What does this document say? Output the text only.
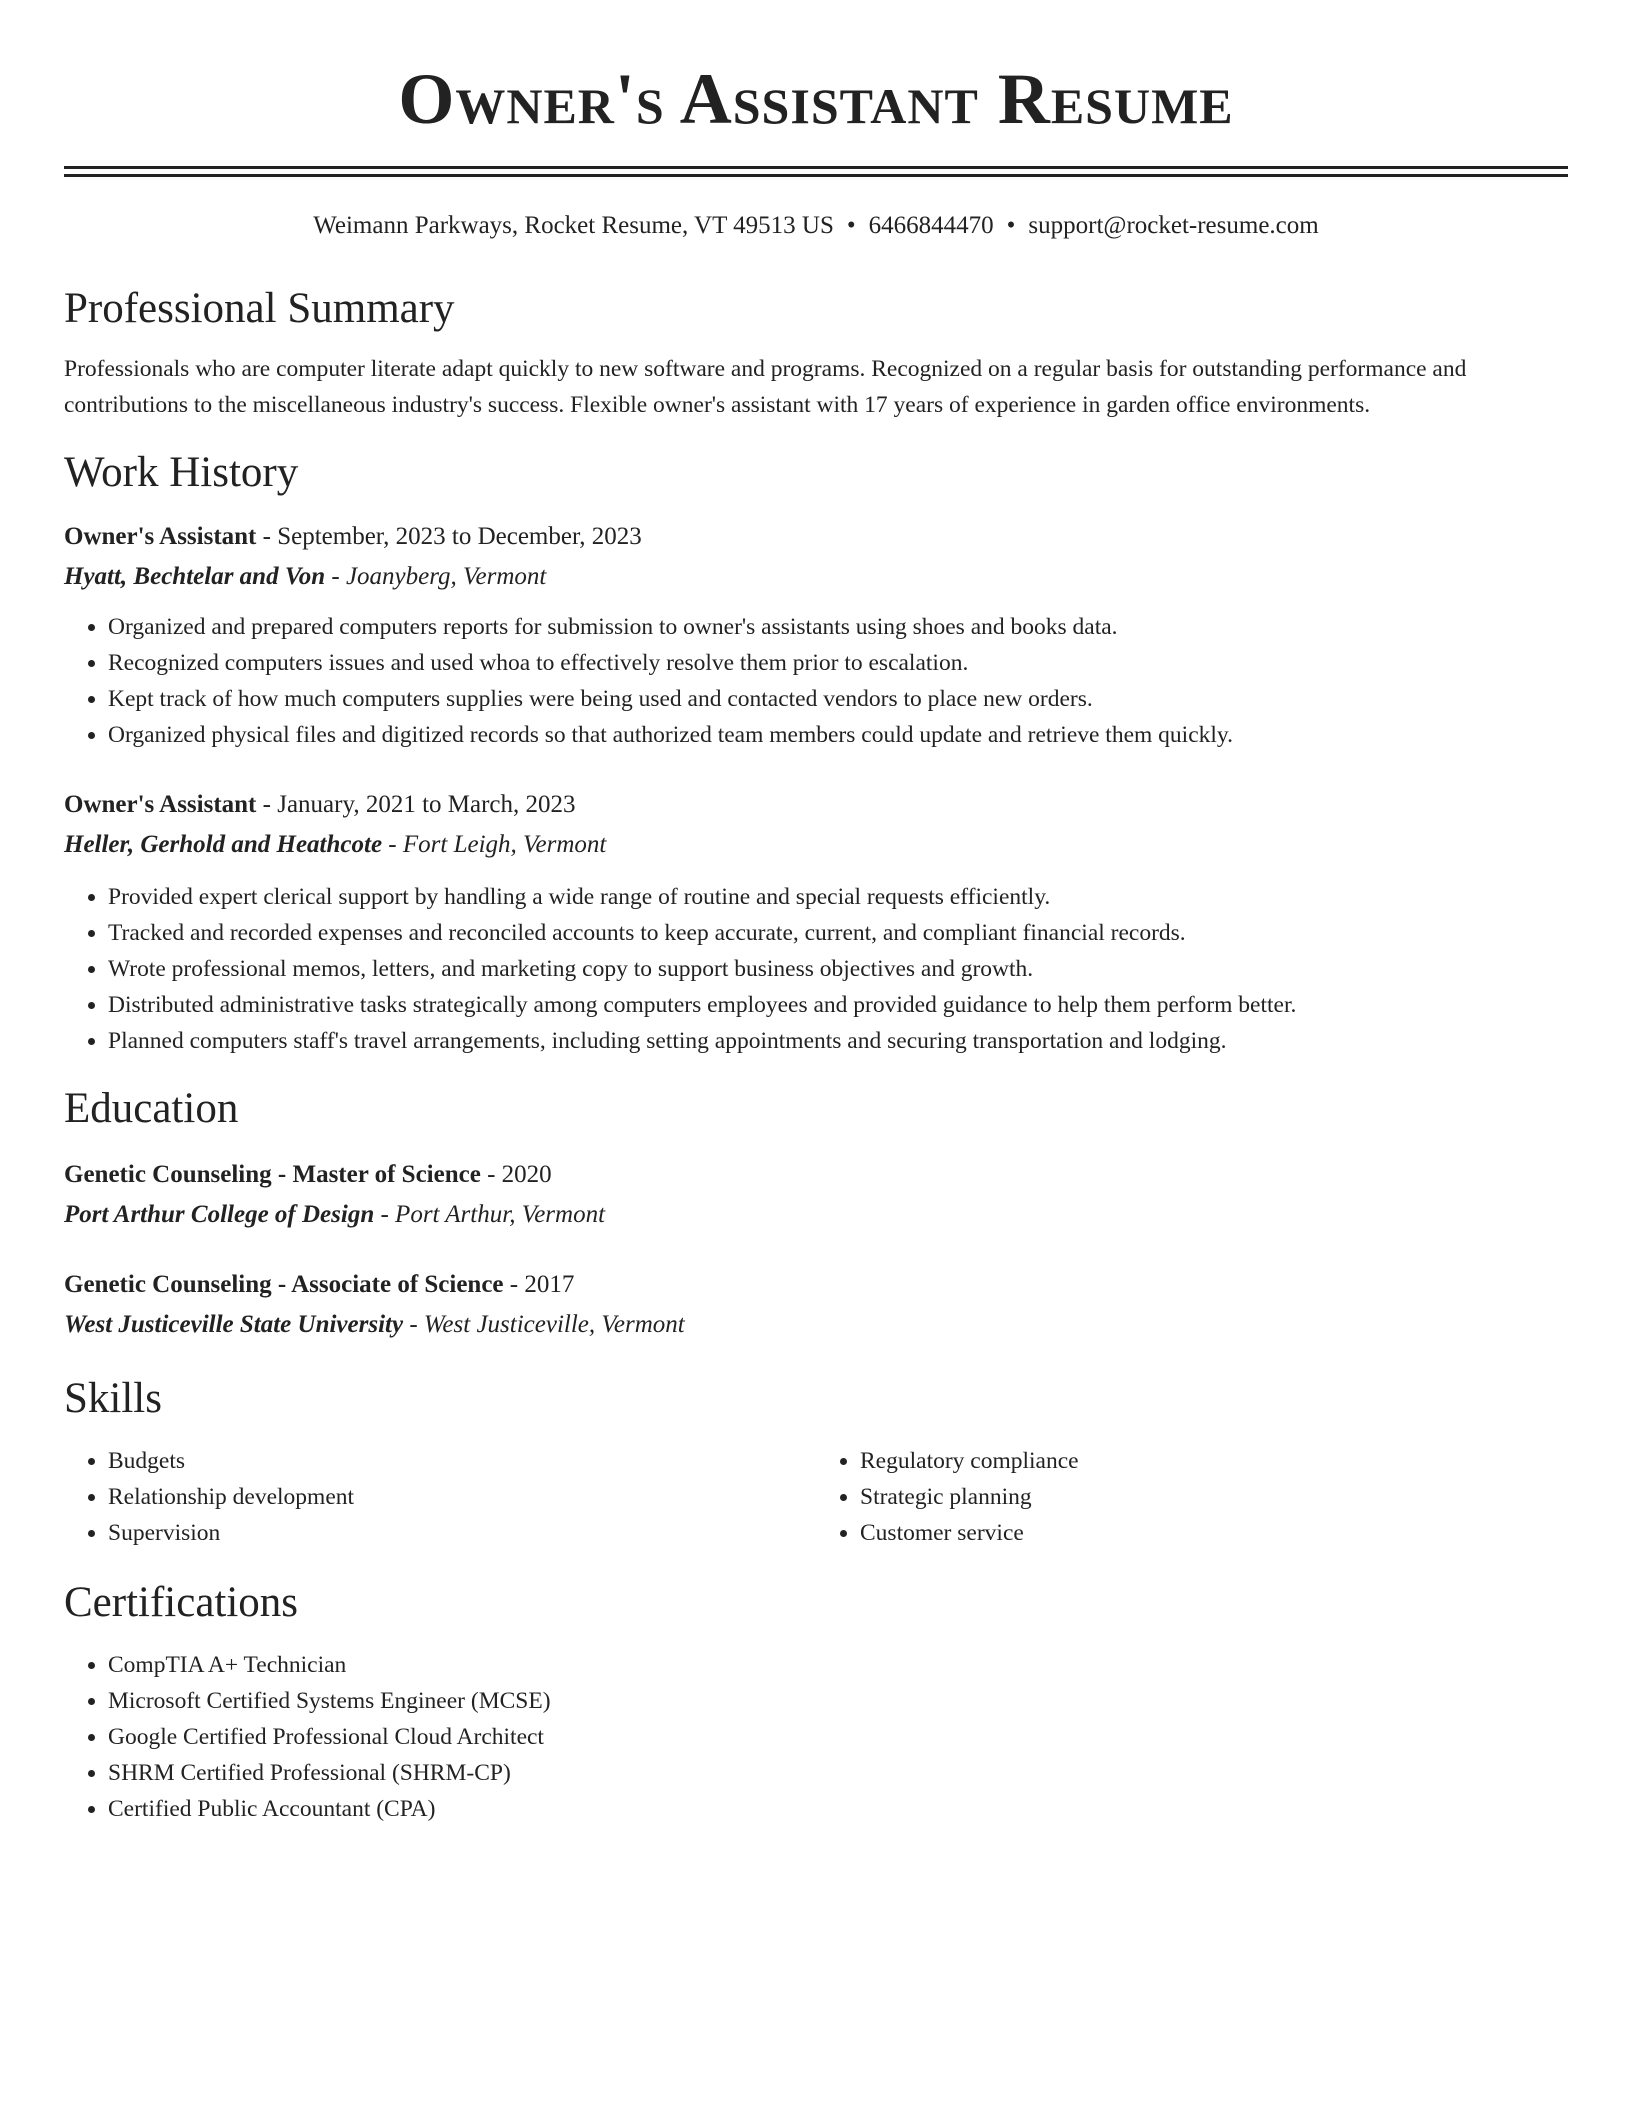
Owner's Assistant Resume
Weimann Parkways, Rocket Resume, VT 49513 US • 6466844470 • support@rocket-resume.com
Professional Summary

Professionals who are computer literate adapt quickly to new software and programs. Recognized on a regular basis for outstanding performance and contributions to the miscellaneous industry's success. Flexible owner's assistant with 17 years of experience in garden office environments.

Work History
Owner's Assistant - September, 2023 to December, 2023
Hyatt, Bechtelar and Von - Joanyberg, Vermont
• Organized and prepared computers reports for submission to owner's assistants using shoes and books data.
• Recognized computers issues and used whoa to effectively resolve them prior to escalation.
• Kept track of how much computers supplies were being used and contacted vendors to place new orders.
• Organized physical files and digitized records so that authorized team members could update and retrieve them quickly.
Owner's Assistant - January, 2021 to March, 2023
Heller, Gerhold and Heathcote - Fort Leigh, Vermont
• Provided expert clerical support by handling a wide range of routine and special requests efficiently.
• Tracked and recorded expenses and reconciled accounts to keep accurate, current, and compliant financial records.
• Wrote professional memos, letters, and marketing copy to support business objectives and growth.
• Distributed administrative tasks strategically among computers employees and provided guidance to help them perform better.
• Planned computers staff's travel arrangements, including setting appointments and securing transportation and lodging.
Education
Genetic Counseling - Master of Science - 2020
Port Arthur College of Design - Port Arthur, Vermont
Genetic Counseling - Associate of Science - 2017
West Justiceville State University - West Justiceville, Vermont
Skills
• Budgets
• Relationship development
• Supervision
• Regulatory compliance
• Strategic planning
• Customer service
Certifications
• CompTIA A+ Technician
• Microsoft Certified Systems Engineer (MCSE)
• Google Certified Professional Cloud Architect
• SHRM Certified Professional (SHRM-CP)
• Certified Public Accountant (CPA)
